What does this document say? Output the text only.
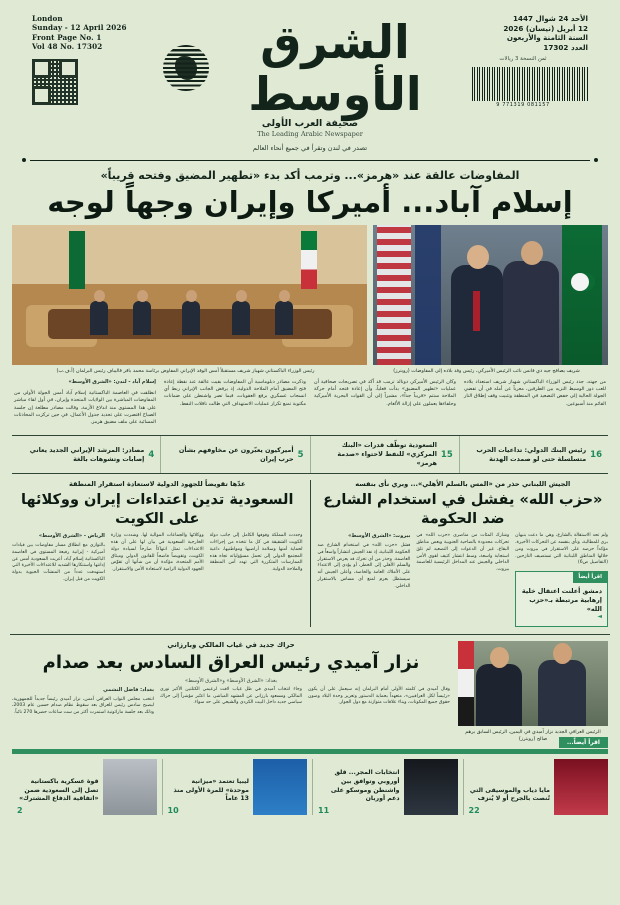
London
Sunday - 12 April 2026
Front Page No. 1
Vol 48 No. 17302	الشرق الأوسط
صحيفة العرب الأولى
The Leading Arabic Newspaper
تصدر في لندن وتقرأ في جميع أنحاء العالم
الأحد 24 شوال 1447
12 أبريل (نيسان) 2026
السنة الثامنة والأربعون
العدد 17302
ثمن النسخة 3 ريالات
9 771319 081157
المفاوضات عالقة عند «هرمز»... وترمب أكد بدء «تطهير المضيق وفتحه قريباً»
إسلام آباد... أميركا وإيران وجهاً لوجه
شريف يصافح جيه دي فانس نائب الرئيس الأميركي، رئيس وفد بلاده إلى المفاوضات (رويترز)
رئيس الوزراء الباكستاني شهباز شريف مستقبلاً أمس الوفد الإيراني المفاوض برئاسة محمد باقر قاليباف رئيس البرلمان (أ.ف.ب)

من جهته، جدد رئيس الوزراء الباكستاني شهباز شريف استعداد بلاده للعب دور الوسيط النزيه بين الطرفين، معرباً عن أمله في أن تفضي الجولة الحالية إلى خفض التصعيد في المنطقة وتثبيت وقف إطلاق النار القائم منذ أسبوعين.

وكان الرئيس الأميركي دونالد ترمب قد أكد في تصريحات صحافية أن عمليات «تطهير المضيق» بدأت فعلياً، وأن إعادة فتحه أمام حركة الملاحة ستتم «قريباً جداً»، مشيراً إلى أن القوات البحرية الأميركية وحلفاءها يعملون على إزالة الألغام.

وذكرت مصادر دبلوماسية أن المفاوضات بقيت عالقة عند نقطة إعادة فتح المضيق أمام الملاحة الدولية، إذ يرفض الجانب الإيراني ربط أي انسحاب عسكري برفع العقوبات، فيما تصر واشنطن على ضمانات مكتوبة تمنع تكرار عمليات الاستهداف التي طالت ناقلات النفط.

إسلام آباد - لندن: «الشرق الأوسط»

انطلقت في العاصمة الباكستانية إسلام آباد أمس الجولة الأولى من المفاوضات المباشرة بين الولايات المتحدة وإيران، في أول لقاء مباشر على هذا المستوى منذ اندلاع الأزمة. وقالت مصادر مطلعة إن جلسة الصباح اقتصرت على تحديد جدول الأعمال، في حين تركزت المحادثات المسائية على ملف مضيق هرمز.

16
رئيس البنك الدولي: تداعيات الحرب متسلسلة حتى لو صمدت الهدنة
15
السعودية توظّف قدرات «البنك المركزي» للنفط لاحتواء «صدمة هرمز»
5
أميركيون يعبّرون عن مخاوفهم بشأن حرب إيران
4
مصادر: المرشد الإيراني الجديد يعاني إصابات وتشوهات بالغة
الجيش اللبناني حذر من «المس بالسلم الأهلي»... وبري نأى بنفسه
«حزب الله» يفشل في استخدام الشارع ضد الحكومة

ولم تحد الاستقالة بالشارع، وهي ما دعت بنبهان بري للمطالبة، ونأى بنفسه عن التحركات الأخيرة، مؤكداً حرصه على الاستقرار في بيروت ومن خلالها المناطق اللبنانية التي تستضيف النازحين. (التفاصيل ص6)

اقرأ أيضاً
دمشق أعلنت اعتقال خلية إرهابية مرتبطة بـ«حزب الله»
◄

وشارك المئات من مناصري «حزب الله» في تحركات محدودة بالضاحية الجنوبية وبعض مناطق البقاع، غير أن الدعوات إلى التصعيد لم تلقَ استجابة واسعة، وسط انتشار كثيف لقوى الأمن الداخلي والجيش عند المداخل الرئيسية للعاصمة بيروت.

بيروت: «الشرق الأوسط»

فشل «حزب الله» في استخدام الشارع ضد الحكومة اللبنانية، إذ نفذ الجيش انتشاراً واسعاً في العاصمة. وحذر من أي تحرك قد يعرض الاستقرار والسلم الأهلي إلى الخطر، أو يؤدي إلى الاعتداء على الأملاك العامة والخاصة، وأعلن الجيش أنه سيستظل بعزم لمنع أي مساس بالاستقرار الداخلي.

عدّها تقويضاً للجهود الدولية لاستعادة استقرار المنطقة
السعودية تدين اعتداءات إيران ووكلائها على الكويت

وجددت المملكة وقوفها الكامل إلى جانب دولة الكويت الشقيقة في كل ما تتخذه من إجراءات لحماية أمنها وسلامة أراضيها ومواطنيها، داعية المجتمع الدولي إلى تحمل مسؤولياته تجاه هذه الممارسات المتكررة التي تهدد أمن المنطقة والملاحة الدولية.

ووكلائها والجماعات الموالية لها. وشددت وزارة الخارجية السعودية في بيان لها على أن هذه الاعتداءات تمثل انتهاكاً صارخاً لسيادة دولة الكويت، وتقويضاً فاضحاً للقانون الدولي وميثاق الأمم المتحدة، مؤكدة أن من شأنها أن تقوّض الجهود الدولية الرامية لاستعادة الأمن والاستقرار.

الرياض - «الشرق الأوسط»

بالتوازي مع انطلاق مسار مفاوضات بين قيادات أميركية - إيرانية رفيعة المستوى في العاصمة الباكستانية إسلام آباد، أعربت السعودية أمس عن إدانتها واستنكارها الشديد للاعتداءات الأخيرة التي استهدفت عدداً من المنشآت الحيوية بدولة الكويت من قبل إيران.

الرئيس العراقي الجديد نزار آميدي في اليمين، الرئيس السابق برهم صالح (رويترز)
حراك جديد في غياب المالكي وبارزاني
نزار آميدي رئيس العراق السادس بعد صدام
بغداد: «الشرق الأوسط» و«الشرق الأوسط»

وقال آميدي في كلمته الأولى أمام البرلمان إنه سيعمل على أن يكون «رئيساً لكل العراقيين»، متعهداً بحماية الدستور وتعزيز وحدة البلاد وصون حقوق جميع المكونات، وبناء علاقات متوازنة مع دول الجوار.

وجاء انتخاب آميدي في ظل غياب لافت لزعيمي الكتلتين الأكبر نوري المالكي ومسعود بارزاني عن المشهد المباشر، ما اعتُبر مؤشراً إلى حراك سياسي جديد داخل البيت الكردي والشيعي على حد سواء.

بغداد: فاضل النشمي

انتخب مجلس النواب العراقي أمس، نزار آميدي رئيساً جديداً للجمهورية، ليصبح سادس رئيس للعراق بعد سقوط نظام صدام حسين عام 2003، وذلك بعد جلسة ماراثونية استمرت أكثر من ست ساعات حضرها 270 نائباً.

اقرأ أيضاً...
مايا دياب والموسيقى التي تُنصت بالجرح أو لا يُنزف
22
انتخابات المجر... قلق أوروبي وتوافق بين واشنطن وموسكو على دعم أوربان
11
ليبيا تعتمد «ميزانية موحدة» للمرة الأولى منذ 13 عاماً
10
قوة عسكرية باكستانية تصل إلى السعودية ضمن «اتفاقية الدفاع المشترك»
2
